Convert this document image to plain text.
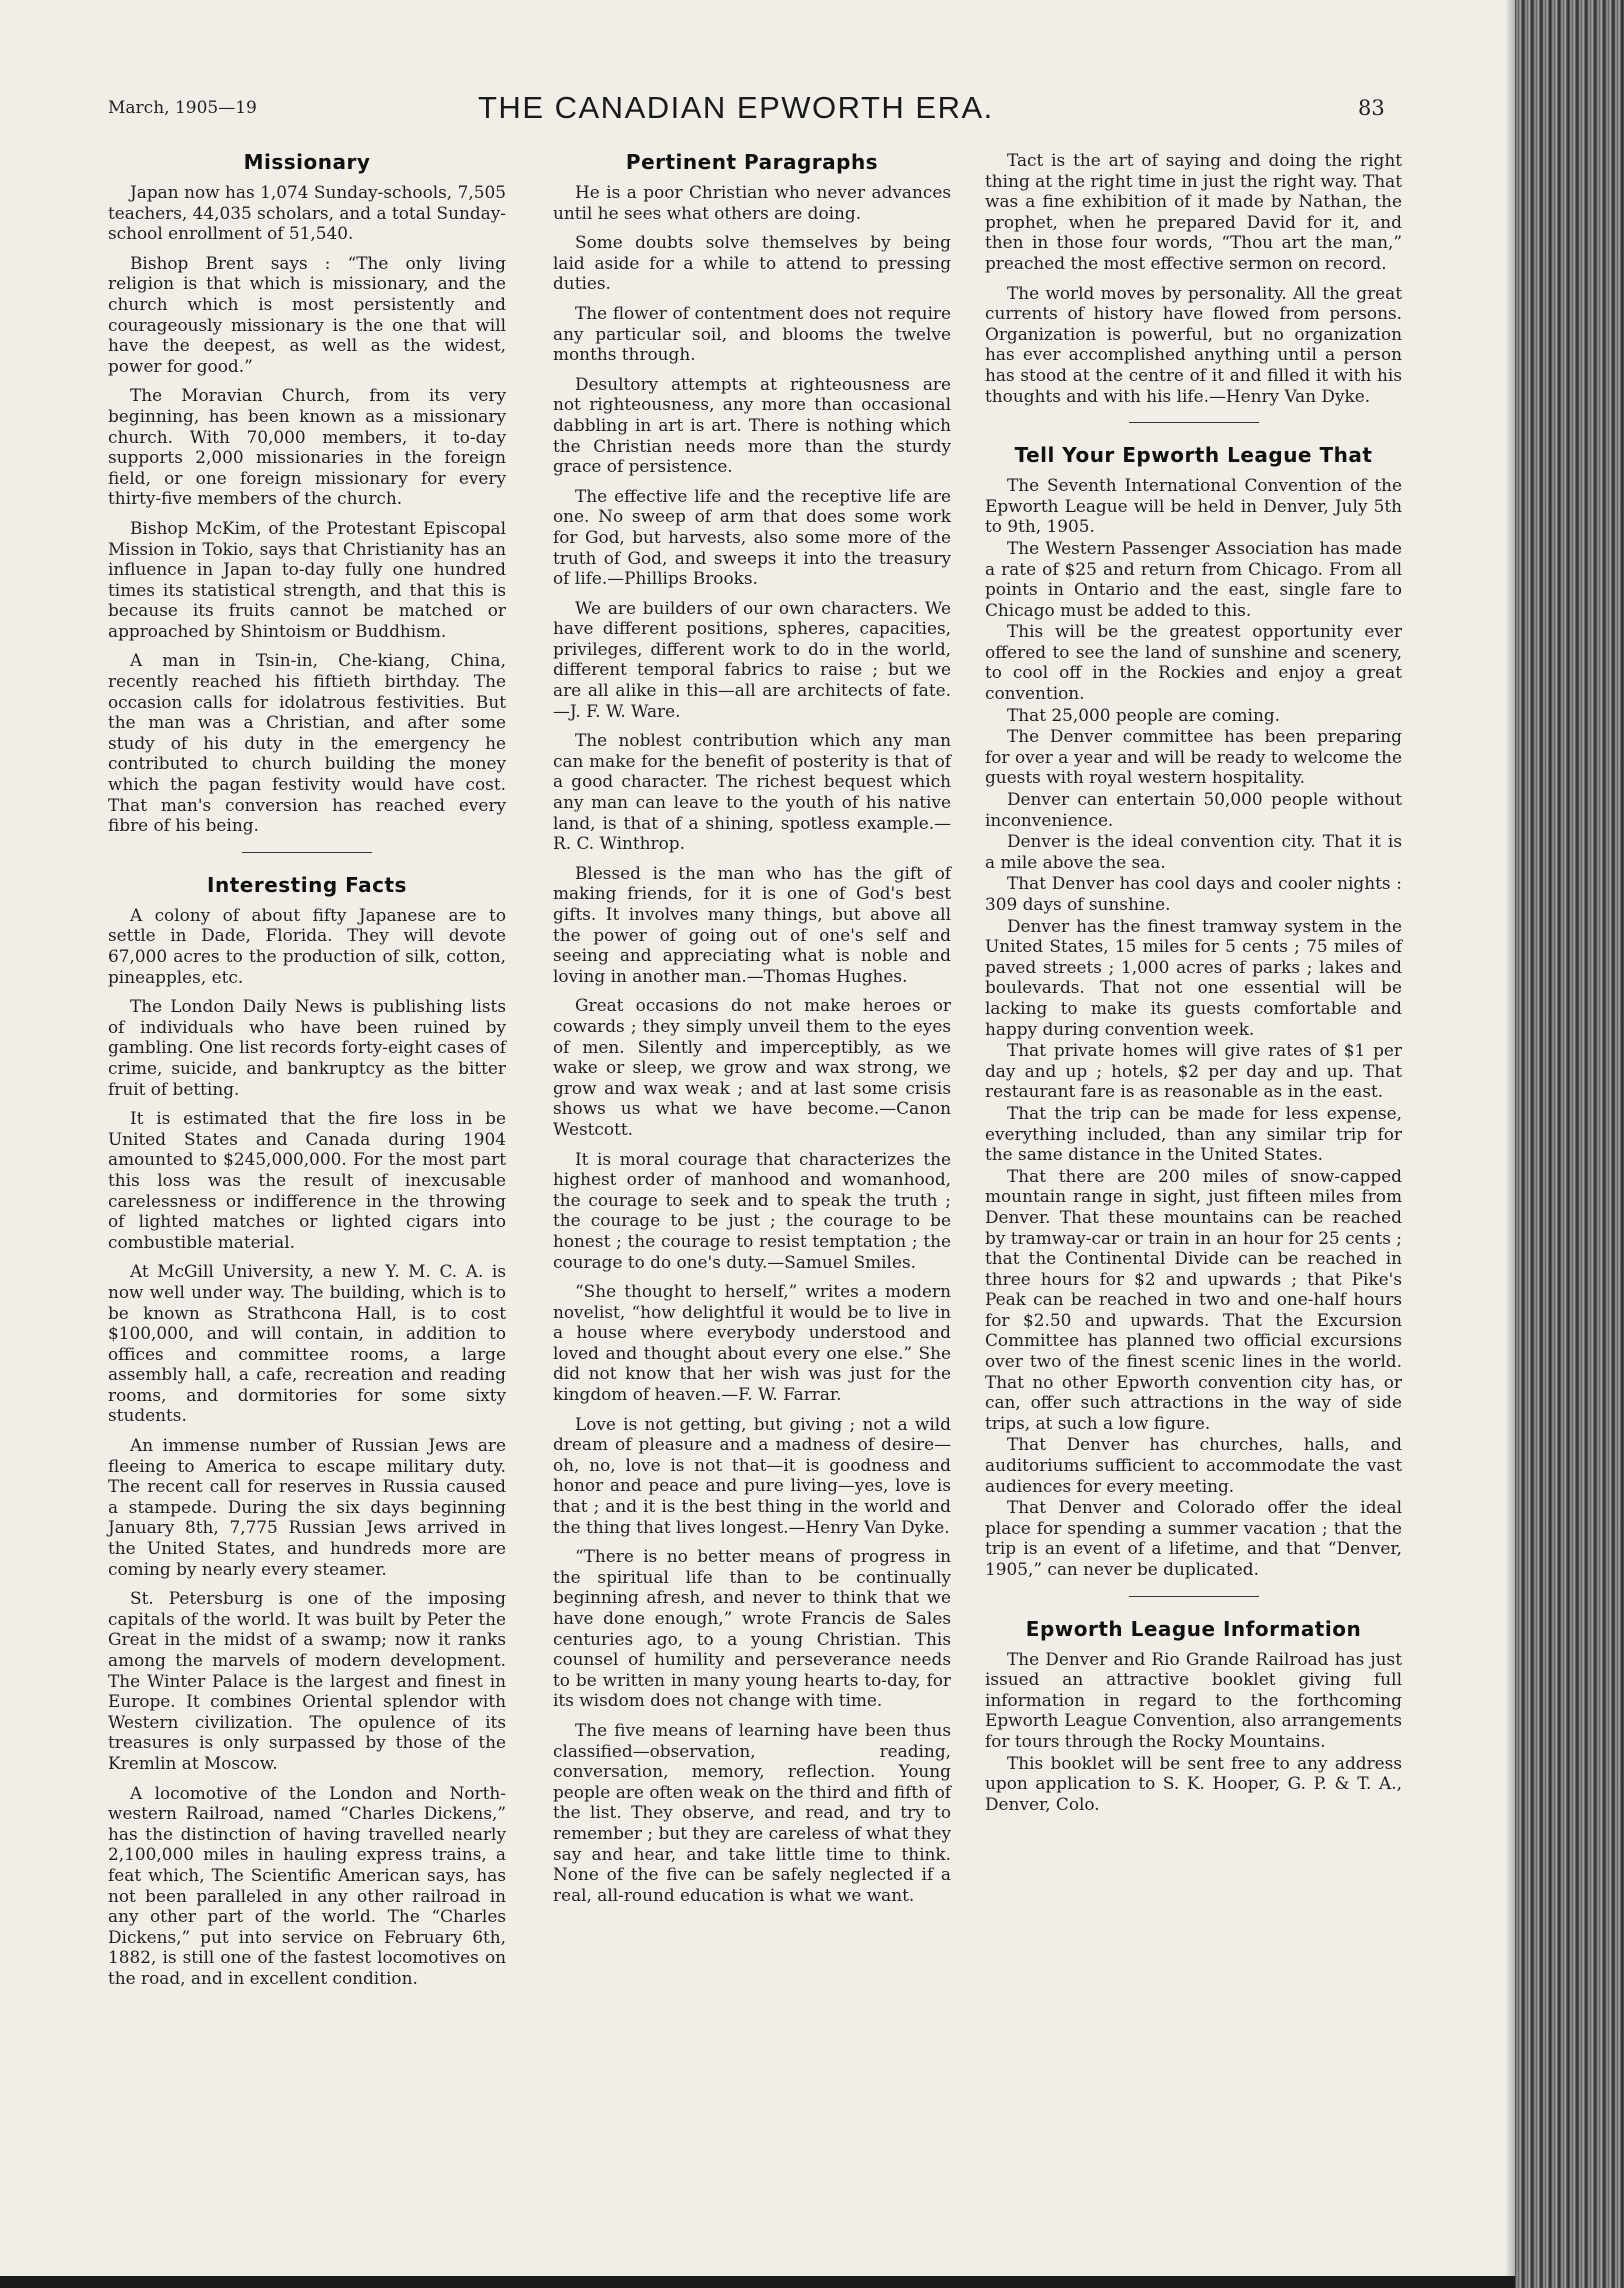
March, 1905—19	THE CANADIAN EPWORTH ERA.	83
Missionary

Japan now has 1,074 Sunday-schools, 7,505 teachers, 44,035 scholars, and a total Sunday-school enrollment of 51,540.

Bishop Brent says : “The only living religion is that which is missionary, and the church which is most persistently and courageously missionary is the one that will have the deepest, as well as the widest, power for good.”

The Moravian Church, from its very beginning, has been known as a missionary church. With 70,000 members, it to-day supports 2,000 missionaries in the foreign field, or one foreign missionary for every thirty-five members of the church.

Bishop McKim, of the Protestant Episcopal Mission in Tokio, says that Christianity has an influence in Japan to-day fully one hundred times its statistical strength, and that this is because its fruits cannot be matched or approached by Shintoism or Buddhism.

A man in Tsin-in, Che-kiang, China, recently reached his fiftieth birthday. The occasion calls for idolatrous festivities. But the man was a Christian, and after some study of his duty in the emergency he contributed to church building the money which the pagan festivity would have cost. That man's conversion has reached every fibre of his being.

Interesting Facts

A colony of about fifty Japanese are to settle in Dade, Florida. They will devote 67,000 acres to the production of silk, cotton, pineapples, etc.

The London Daily News is publishing lists of individuals who have been ruined by gambling. One list records forty-eight cases of crime, suicide, and bankruptcy as the bitter fruit of betting.

It is estimated that the fire loss in be United States and Canada during 1904 amounted to $245,000,000. For the most part this loss was the result of inexcusable carelessness or indifference in the throwing of lighted matches or lighted cigars into combustible material.

At McGill University, a new Y. M. C. A. is now well under way. The building, which is to be known as Strathcona Hall, is to cost $100,000, and will contain, in addition to offices and committee rooms, a large assembly hall, a cafe, recreation and reading rooms, and dormitories for some sixty students.

An immense number of Russian Jews are fleeing to America to escape military duty. The recent call for reserves in Russia caused a stampede. During the six days beginning January 8th, 7,775 Russian Jews arrived in the United States, and hundreds more are coming by nearly every steamer.

St. Petersburg is one of the imposing capitals of the world. It was built by Peter the Great in the midst of a swamp; now it ranks among the marvels of modern development. The Winter Palace is the largest and finest in Europe. It combines Oriental splendor with Western civilization. The opulence of its treasures is only surpassed by those of the Kremlin at Moscow.

A locomotive of the London and North-western Railroad, named “Charles Dickens,” has the distinction of having travelled nearly 2,100,000 miles in hauling express trains, a feat which, The Scientific American says, has not been paralleled in any other railroad in any other part of the world. The “Charles Dickens,” put into service on February 6th, 1882, is still one of the fastest locomotives on the road, and in excellent condition.

Pertinent Paragraphs

He is a poor Christian who never advances until he sees what others are doing.

Some doubts solve themselves by being laid aside for a while to attend to pressing duties.

The flower of contentment does not require any particular soil, and blooms the twelve months through.

Desultory attempts at righteousness are not righteousness, any more than occasional dabbling in art is art. There is nothing which the Christian needs more than the sturdy grace of persistence.

The effective life and the receptive life are one. No sweep of arm that does some work for God, but harvests, also some more of the truth of God, and sweeps it into the treasury of life.—Phillips Brooks.

We are builders of our own characters. We have different positions, spheres, capacities, privileges, different work to do in the world, different temporal fabrics to raise ; but we are all alike in this—all are architects of fate.—J. F. W. Ware.

The noblest contribution which any man can make for the benefit of posterity is that of a good character. The richest bequest which any man can leave to the youth of his native land, is that of a shining, spotless example.—R. C. Winthrop.

Blessed is the man who has the gift of making friends, for it is one of God's best gifts. It involves many things, but above all the power of going out of one's self and seeing and appreciating what is noble and loving in another man.—Thomas Hughes.

Great occasions do not make heroes or cowards ; they simply unveil them to the eyes of men. Silently and imperceptibly, as we wake or sleep, we grow and wax strong, we grow and wax weak ; and at last some crisis shows us what we have become.—Canon Westcott.

It is moral courage that characterizes the highest order of manhood and womanhood, the courage to seek and to speak the truth ; the courage to be just ; the courage to be honest ; the courage to resist temptation ; the courage to do one's duty.—Samuel Smiles.

“She thought to herself,” writes a modern novelist, “how delightful it would be to live in a house where everybody understood and loved and thought about every one else.” She did not know that her wish was just for the kingdom of heaven.—F. W. Farrar.

Love is not getting, but giving ; not a wild dream of pleasure and a madness of desire—oh, no, love is not that—it is goodness and honor and peace and pure living—yes, love is that ; and it is the best thing in the world and the thing that lives longest.—Henry Van Dyke.

“There is no better means of progress in the spiritual life than to be continually beginning afresh, and never to think that we have done enough,” wrote Francis de Sales centuries ago, to a young Christian. This counsel of humility and perseverance needs to be written in many young hearts to-day, for its wisdom does not change with time.

The five means of learning have been thus classified—observation, reading, conversation, memory, reflection. Young people are often weak on the third and fifth of the list. They observe, and read, and try to remember ; but they are careless of what they say and hear, and take little time to think. None of the five can be safely neglected if a real, all-round education is what we want.

Tact is the art of saying and doing the right thing at the right time in just the right way. That was a fine exhibition of it made by Nathan, the prophet, when he prepared David for it, and then in those four words, “Thou art the man,” preached the most effective sermon on record.

The world moves by personality. All the great currents of history have flowed from persons. Organization is powerful, but no organization has ever accomplished anything until a person has stood at the centre of it and filled it with his thoughts and with his life.—Henry Van Dyke.

Tell Your Epworth League That

The Seventh International Convention of the Epworth League will be held in Denver, July 5th to 9th, 1905.

The Western Passenger Association has made a rate of $25 and return from Chicago. From all points in Ontario and the east, single fare to Chicago must be added to this.

This will be the greatest opportunity ever offered to see the land of sunshine and scenery, to cool off in the Rockies and enjoy a great convention.

That 25,000 people are coming.

The Denver committee has been preparing for over a year and will be ready to welcome the guests with royal western hospitality.

Denver can entertain 50,000 people without inconvenience.

Denver is the ideal convention city. That it is a mile above the sea.

That Denver has cool days and cooler nights : 309 days of sunshine.

Denver has the finest tramway system in the United States, 15 miles for 5 cents ; 75 miles of paved streets ; 1,000 acres of parks ; lakes and boulevards. That not one essential will be lacking to make its guests comfortable and happy during convention week.

That private homes will give rates of $1 per day and up ; hotels, $2 per day and up. That restaurant fare is as reasonable as in the east.

That the trip can be made for less expense, everything included, than any similar trip for the same distance in the United States.

That there are 200 miles of snow-capped mountain range in sight, just fifteen miles from Denver. That these mountains can be reached by tramway-car or train in an hour for 25 cents ; that the Continental Divide can be reached in three hours for $2 and upwards ; that Pike's Peak can be reached in two and one-half hours for $2.50 and upwards. That the Excursion Committee has planned two official excursions over two of the finest scenic lines in the world. That no other Epworth convention city has, or can, offer such attractions in the way of side trips, at such a low figure.

That Denver has churches, halls, and auditoriums sufficient to accommodate the vast audiences for every meeting.

That Denver and Colorado offer the ideal place for spending a summer vacation ; that the trip is an event of a lifetime, and that “Denver, 1905,” can never be duplicated.

Epworth League Information

The Denver and Rio Grande Railroad has just issued an attractive booklet giving full information in regard to the forthcoming Epworth League Convention, also arrangements for tours through the Rocky Mountains.

This booklet will be sent free to any address upon application to S. K. Hooper, G. P. & T. A., Denver, Colo.
